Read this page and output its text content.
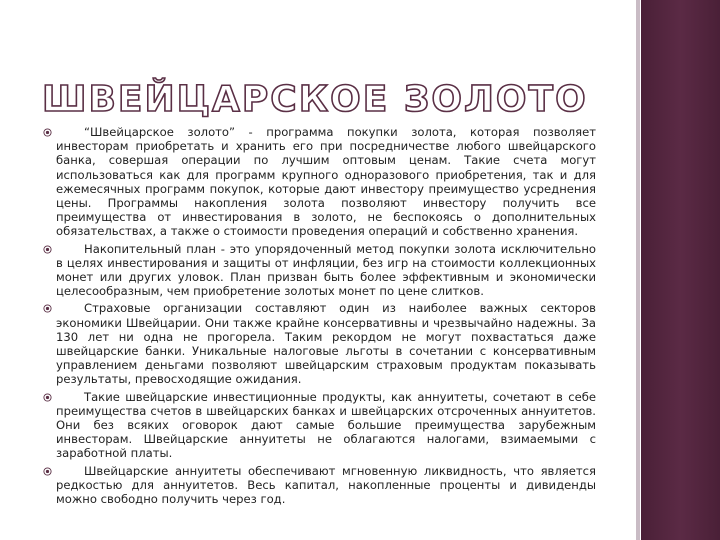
ШВЕЙЦАРСКОЕ ЗОЛОТО

“Швейцарское золото” - программа покупки золота, которая позволяет инвесторам приобретать и хранить его при посредничестве любого швейцарского банка, совершая операции по лучшим оптовым ценам. Такие счета могут использоваться как для программ крупного одноразового приобретения, так и для ежемесячных программ покупок, которые дают инвестору преимущество усреднения цены. Программы накопления золота позволяют инвестору получить все преимущества от инвестирования в золото, не беспокоясь о дополнительных обязательствах, а также о стоимости проведения операций и собственно хранения.

Накопительный план - это упорядоченный метод покупки золота исключительно в целях инвестирования и защиты от инфляции, без игр на стоимости коллекционных монет или других уловок. План призван быть более эффективным и экономически целесообразным, чем приобретение золотых монет по цене слитков.

Страховые организации составляют один из наиболее важных секторов экономики Швейцарии. Они также крайне консервативны и чрезвычайно надежны. За 130 лет ни одна не прогорела. Таким рекордом не могут похвастаться даже швейцарские банки. Уникальные налоговые льготы в сочетании с консервативным управлением деньгами позволяют швейцарским страховым продуктам показывать результаты, превосходящие ожидания.

Такие швейцарские инвестиционные продукты, как аннуитеты, сочетают в себе преимущества счетов в швейцарских банках и швейцарских отсроченных аннуитетов. Они без всяких оговорок дают самые большие преимущества зарубежным инвесторам. Швейцарские аннуитеты не облагаются налогами, взимаемыми с заработной платы.

Швейцарские аннуитеты обеспечивают мгновенную ликвидность, что является редкостью для аннуитетов. Весь капитал, накопленные проценты и дивиденды можно свободно получить через год.
